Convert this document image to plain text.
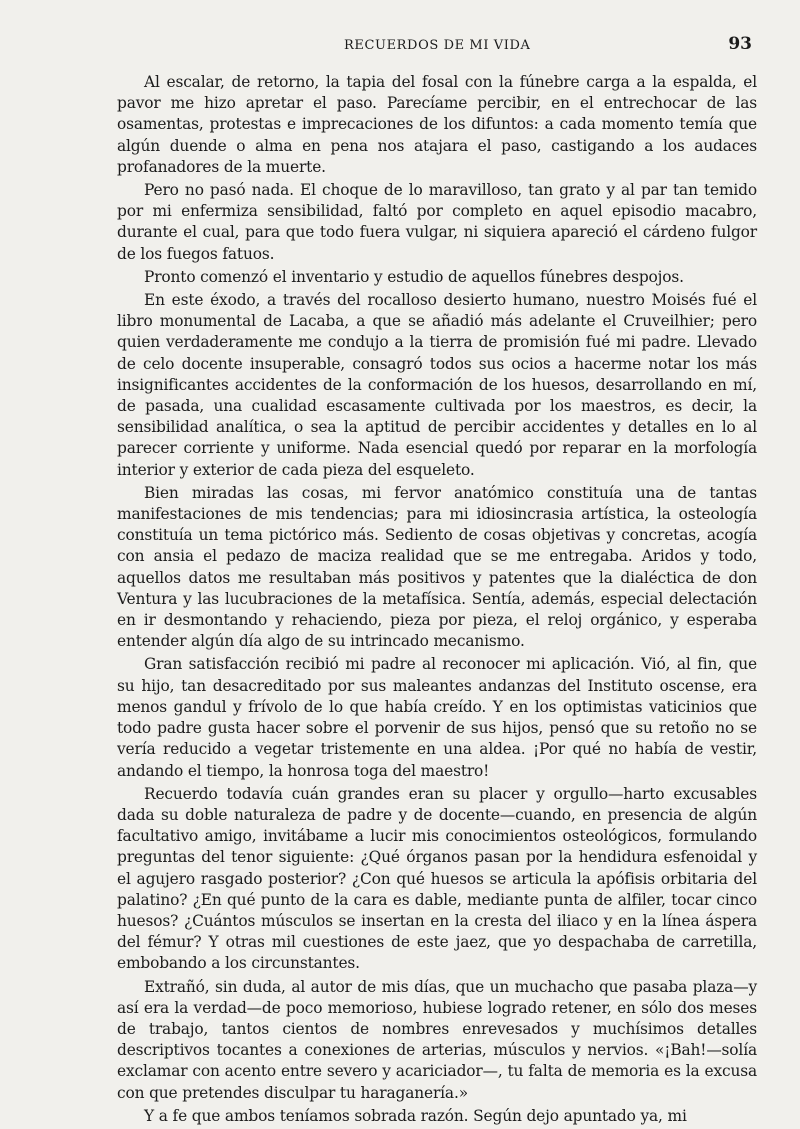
RECUERDOS DE MI VIDA	93

Al escalar, de retorno, la tapia del fosal con la fúnebre carga a la espalda, el pavor me hizo apretar el paso. Parecíame percibir, en el entrechocar de las osamentas, protestas e imprecaciones de los difuntos: a cada momento temía que algún duende o alma en pena nos atajara el paso, castigando a los audaces profanadores de la muerte.

Pero no pasó nada. El choque de lo maravilloso, tan grato y al par tan temido por mi enfermiza sensibilidad, faltó por completo en aquel episodio macabro, durante el cual, para que todo fuera vulgar, ni siquiera apareció el cárdeno fulgor de los fuegos fatuos.

Pronto comenzó el inventario y estudio de aquellos fúnebres despojos.

En este éxodo, a través del rocalloso desierto humano, nuestro Moisés fué el libro monumental de Lacaba, a que se añadió más adelante el Cruveilhier; pero quien verdaderamente me condujo a la tierra de promisión fué mi padre. Llevado de celo docente insuperable, consagró todos sus ocios a hacerme notar los más insignificantes accidentes de la conformación de los huesos, desarrollando en mí, de pasada, una cualidad escasamente cultivada por los maestros, es decir, la sensibilidad analítica, o sea la aptitud de percibir accidentes y detalles en lo al parecer corriente y uniforme. Nada esencial quedó por reparar en la morfología interior y exterior de cada pieza del esqueleto.

Bien miradas las cosas, mi fervor anatómico constituía una de tantas manifestaciones de mis tendencias; para mi idiosincrasia artística, la osteología constituía un tema pictórico más. Sediento de cosas objetivas y concretas, acogía con ansia el pedazo de maciza realidad que se me entregaba. Aridos y todo, aquellos datos me resultaban más positivos y patentes que la dialéctica de don Ventura y las lucubraciones de la metafísica. Sentía, además, especial delectación en ir desmontando y rehaciendo, pieza por pieza, el reloj orgánico, y esperaba entender algún día algo de su intrincado mecanismo.

Gran satisfacción recibió mi padre al reconocer mi aplicación. Vió, al fin, que su hijo, tan desacreditado por sus maleantes andanzas del Instituto oscense, era menos gandul y frívolo de lo que había creído. Y en los optimistas vaticinios que todo padre gusta hacer sobre el porvenir de sus hijos, pensó que su retoño no se vería reducido a vegetar tristemente en una aldea. ¡Por qué no había de vestir, andando el tiempo, la honrosa toga del maestro!

Recuerdo todavía cuán grandes eran su placer y orgullo—harto excusables dada su doble naturaleza de padre y de docente—cuando, en presencia de algún facultativo amigo, invitábame a lucir mis conocimientos osteológicos, formulando preguntas del tenor siguiente: ¿Qué órganos pasan por la hendidura esfenoidal y el agujero rasgado posterior? ¿Con qué huesos se articula la apófisis orbitaria del palatino? ¿En qué punto de la cara es dable, mediante punta de alfiler, tocar cinco huesos? ¿Cuántos músculos se insertan en la cresta del iliaco y en la línea áspera del fémur? Y otras mil cuestiones de este jaez, que yo despachaba de carretilla, embobando a los circunstantes.

Extrañó, sin duda, al autor de mis días, que un muchacho que pasaba plaza—y así era la verdad—de poco memorioso, hubiese logrado retener, en sólo dos meses de trabajo, tantos cientos de nombres enrevesados y muchísimos detalles descriptivos tocantes a conexiones de arterias, músculos y nervios. «¡Bah!—solía exclamar con acento entre severo y acariciador—, tu falta de memoria es la excusa con que pretendes disculpar tu haraganería.»

Y a fe que ambos teníamos sobrada razón. Según dejo apuntado ya, mi
